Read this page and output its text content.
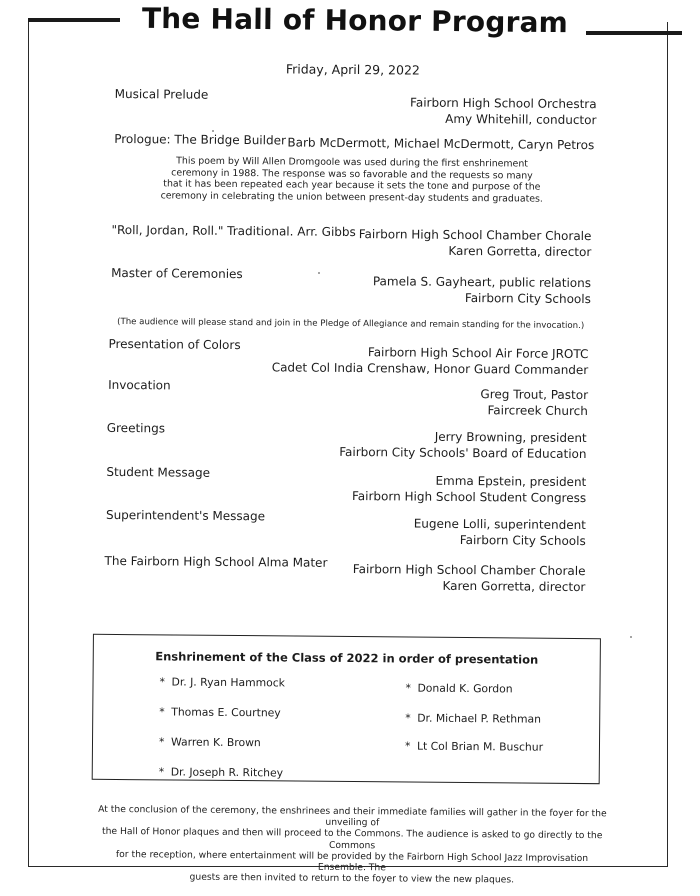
The Hall of Honor Program
Friday, April 29, 2022
Musical Prelude
Fairborn High School Orchestra
Amy Whitehill, conductor
Prologue: The Bridge Builder Barb McDermott, Michael McDermott, Caryn Petros
This poem by Will Allen Dromgoole was used during the first enshrinement
ceremony in 1988. The response was so favorable and the requests so many
that it has been repeated each year because it sets the tone and purpose of the
ceremony in celebrating the union between present-day students and graduates.
"Roll, Jordan, Roll." Traditional. Arr. Gibbs Fairborn High School Chamber Chorale
Karen Gorretta, director
Master of Ceremonies
Pamela S. Gayheart, public relations
Fairborn City Schools
(The audience will please stand and join in the Pledge of Allegiance and remain standing for the invocation.)
Presentation of Colors
Fairborn High School Air Force JROTC
Cadet Col India Crenshaw, Honor Guard Commander
Invocation
Greg Trout, Pastor
Faircreek Church
Greetings
Jerry Browning, president
Fairborn City Schools' Board of Education
Student Message
Emma Epstein, president
Fairborn High School Student Congress
Superintendent's Message
Eugene Lolli, superintendent
Fairborn City Schools
The Fairborn High School Alma Mater
Fairborn High School Chamber Chorale
Karen Gorretta, director
Enshrinement of the Class of 2022 in order of presentation
* Dr. J. Ryan Hammock
* Thomas E. Courtney
* Warren K. Brown
* Dr. Joseph R. Ritchey
* Donald K. Gordon
* Dr. Michael P. Rethman
* Lt Col Brian M. Buschur
At the conclusion of the ceremony, the enshrinees and their immediate families will gather in the foyer for the unveiling of
the Hall of Honor plaques and then will proceed to the Commons. The audience is asked to go directly to the Commons
for the reception, where entertainment will be provided by the Fairborn High School Jazz Improvisation Ensemble. The
guests are then invited to return to the foyer to view the new plaques.
